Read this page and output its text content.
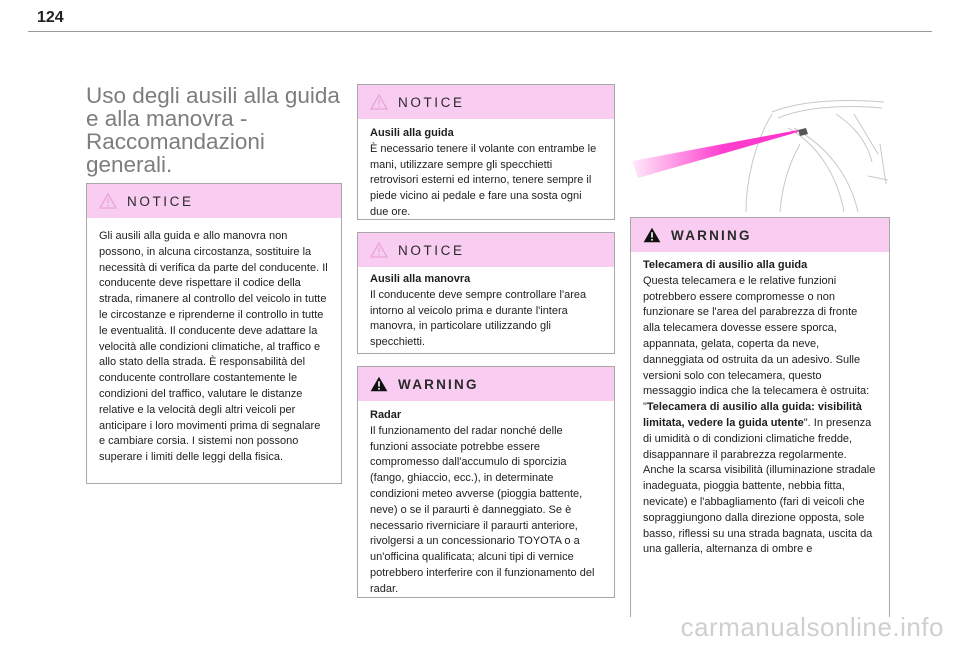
124
Uso degli ausili alla guida e alla manovra - Raccomandazioni generali.
NOTICE

Gli ausili alla guida e allo manovra non possono, in alcuna circostanza, sostituire la necessità di verifica da parte del conducente. Il conducente deve rispettare il codice della strada, rimanere al controllo del veicolo in tutte le circostanze e riprenderne il controllo in tutte le eventualità. Il conducente deve adattare la velocità alle condizioni climatiche, al traffico e allo stato della strada. È responsabilità del conducente controllare costantemente le condizioni del traffico, valutare le distanze relative e la velocità degli altri veicoli per anticipare i loro movimenti prima di segnalare e cambiare corsia. I sistemi non possono superare i limiti delle leggi della fisica.

NOTICE
Ausili alla guida

È necessario tenere il volante con entrambe le mani, utilizzare sempre gli specchietti retrovisori esterni ed interno, tenere sempre il piede vicino ai pedale e fare una sosta ogni due ore.

NOTICE
Ausili alla manovra

Il conducente deve sempre controllare l'area intorno al veicolo prima e durante l'intera manovra, in particolare utilizzando gli specchietti.

WARNING
Radar

Il funzionamento del radar nonché delle funzioni associate potrebbe essere compromesso dall'accumulo di sporcizia (fango, ghiaccio, ecc.), in determinate condizioni meteo avverse (pioggia battente, neve) o se il paraurti è danneggiato. Se è necessario riverniciare il paraurti anteriore, rivolgersi a un concessionario TOYOTA o a un'officina qualificata; alcuni tipi di vernice potrebbero interferire con il funzionamento del radar.

WARNING
Telecamera di ausilio alla guida

Questa telecamera e le relative funzioni potrebbero essere compromesse o non funzionare se l'area del parabrezza di fronte alla telecamera dovesse essere sporca, appannata, gelata, coperta da neve, danneggiata od ostruita da un adesivo. Sulle versioni solo con telecamera, questo messaggio indica che la telecamera è ostruita: "Telecamera di ausilio alla guida: visibilità limitata, vedere la guida utente". In presenza di umidità o di condizioni climatiche fredde, disappannare il parabrezza regolarmente. Anche la scarsa visibilità (illuminazione stradale inadeguata, pioggia battente, nebbia fitta, nevicate) e l'abbagliamento (fari di veicoli che sopraggiungono dalla direzione opposta, sole basso, riflessi su una strada bagnata, uscita da una galleria, alternanza di ombre e

carmanualsonline.info
